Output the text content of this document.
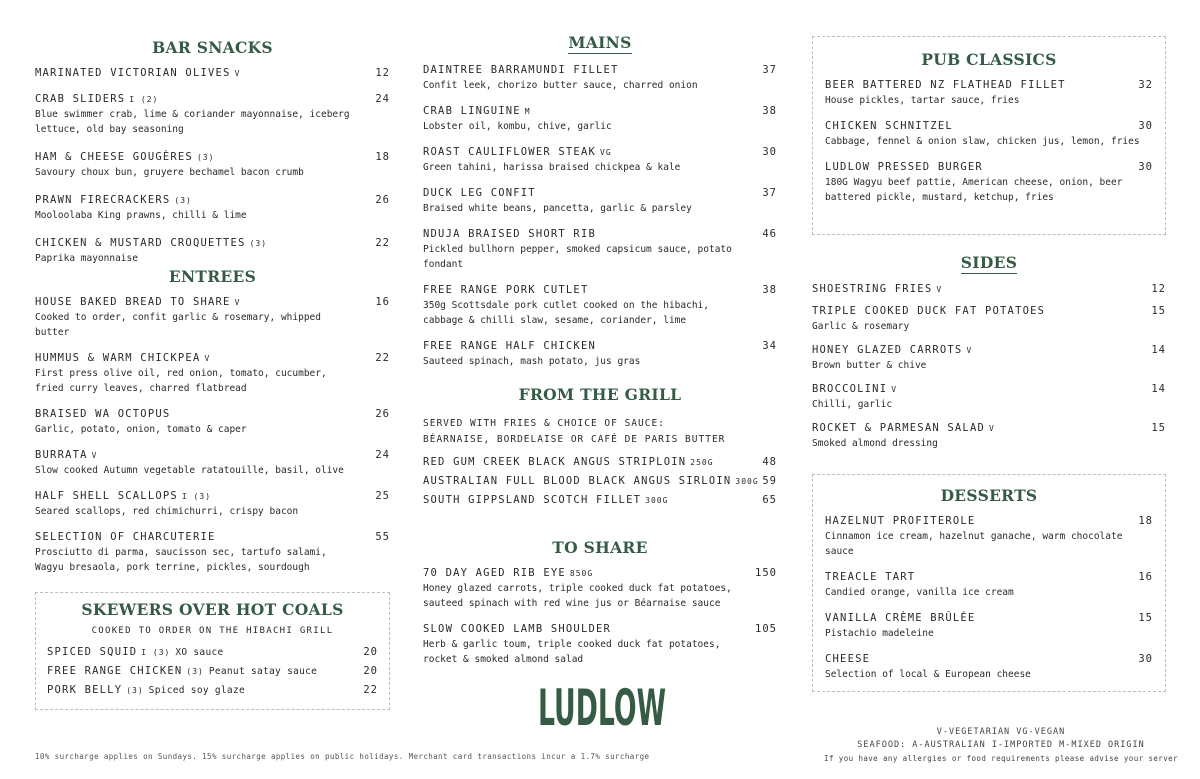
BAR SNACKS
MARINATED VICTORIAN OLIVES V	12
CRAB SLIDERS I (2)	24
Blue swimmer crab, lime & coriander mayonnaise, iceberg lettuce, old bay seasoning
HAM & CHEESE GOUGÈRES (3)	18
Savoury choux bun, gruyere bechamel bacon crumb
PRAWN FIRECRACKERS (3)	26
Mooloolaba King prawns, chilli & lime
CHICKEN & MUSTARD CROQUETTES (3)	22
Paprika mayonnaise
ENTREES
HOUSE BAKED BREAD TO SHARE V	16
Cooked to order, confit garlic & rosemary, whipped butter
HUMMUS & WARM CHICKPEA V	22
First press olive oil, red onion, tomato, cucumber, fried curry leaves, charred flatbread
BRAISED WA OCTOPUS	26
Garlic, potato, onion, tomato & caper
BURRATA V	24
Slow cooked Autumn vegetable ratatouille, basil, olive
HALF SHELL SCALLOPS I (3)	25
Seared scallops, red chimichurri, crispy bacon
SELECTION OF CHARCUTERIE	55
Prosciutto di parma, saucisson sec, tartufo salami, Wagyu bresaola, pork terrine, pickles, sourdough
SKEWERS OVER HOT COALS
COOKED TO ORDER ON THE HIBACHI GRILL
SPICED SQUID I (3) XO sauce	20
FREE RANGE CHICKEN (3) Peanut satay sauce	20
PORK BELLY (3) Spiced soy glaze	22
MAINS
DAINTREE BARRAMUNDI FILLET	37
Confit leek, chorizo butter sauce, charred onion
CRAB LINGUINE M	38
Lobster oil, kombu, chive, garlic
ROAST CAULIFLOWER STEAK VG	30
Green tahini, harissa braised chickpea & kale
DUCK LEG CONFIT	37
Braised white beans, pancetta, garlic & parsley
NDUJA BRAISED SHORT RIB	46
Pickled bullhorn pepper, smoked capsicum sauce, potato fondant
FREE RANGE PORK CUTLET	38
350g Scottsdale pork cutlet cooked on the hibachi, cabbage & chilli slaw, sesame, coriander, lime
FREE RANGE HALF CHICKEN	34
Sauteed spinach, mash potato, jus gras
FROM THE GRILL
SERVED WITH FRIES & CHOICE OF SAUCE: BÉARNAISE, BORDELAISE OR CAFÉ DE PARIS BUTTER
RED GUM CREEK BLACK ANGUS STRIPLOIN 250G	48
AUSTRALIAN FULL BLOOD BLACK ANGUS SIRLOIN 300G 59
SOUTH GIPPSLAND SCOTCH FILLET 300G	65
TO SHARE
70 DAY AGED RIB EYE 850G	150
Honey glazed carrots, triple cooked duck fat potatoes, sauteed spinach with red wine jus or Béarnaise sauce
SLOW COOKED LAMB SHOULDER	105
Herb & garlic toum, triple cooked duck fat potatoes, rocket & smoked almond salad
LUDLOW
PUB CLASSICS
BEER BATTERED NZ FLATHEAD FILLET	32
House pickles, tartar sauce, fries
CHICKEN SCHNITZEL	30
Cabbage, fennel & onion slaw, chicken jus, lemon, fries
LUDLOW PRESSED BURGER	30
180G Wagyu beef pattie, American cheese, onion, beer battered pickle, mustard, ketchup, fries
SIDES
SHOESTRING FRIES V	12
TRIPLE COOKED DUCK FAT POTATOES	15
Garlic & rosemary
HONEY GLAZED CARROTS V	14
Brown butter & chive
BROCCOLINI V	14
Chilli, garlic
ROCKET & PARMESAN SALAD V	15
Smoked almond dressing
DESSERTS
HAZELNUT PROFITEROLE	18
Cinnamon ice cream, hazelnut ganache, warm chocolate sauce
TREACLE TART	16
Candied orange, vanilla ice cream
VANILLA CRÈME BRÛLÉE	15
Pistachio madeleine
CHEESE	30
Selection of local & European cheese
10% surcharge applies on Sundays. 15% surcharge applies on public holidays. Merchant card transactions incur a 1.7% surcharge
V-VEGETARIAN VG-VEGAN
SEAFOOD: A-AUSTRALIAN I-IMPORTED M-MIXED ORIGIN
If you have any allergies or food requirements please advise your server
